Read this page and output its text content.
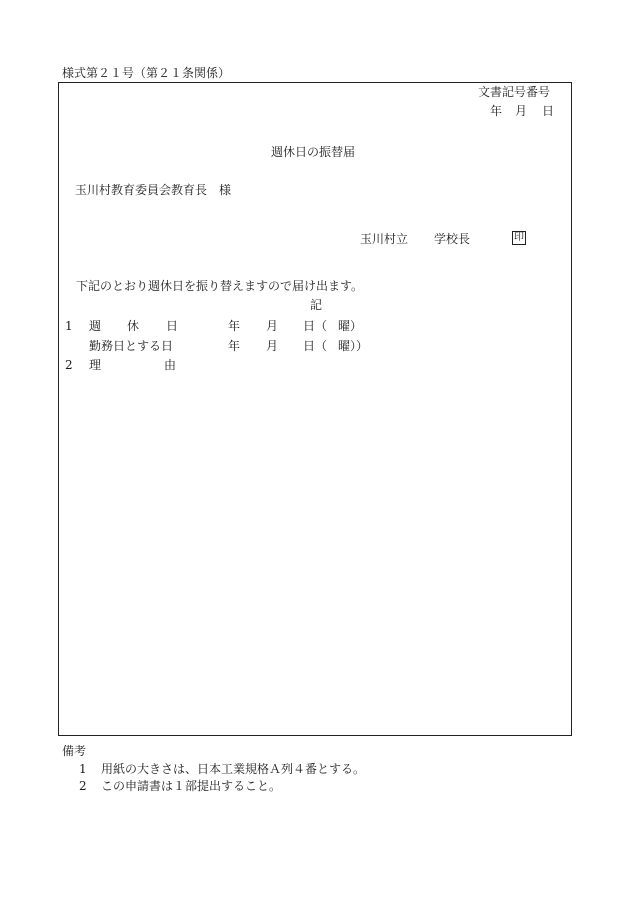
様式第２１号（第２１条関係）
文書記号番号
年 月 日
週休日の振替届
玉川村教育委員会教育長　様
玉川村立 学校長	印
下記のとおり週休日を振り替えますので届け出ます。
記
1 週 休 日	年 月 日（ 曜）
勤務日とする日	年 月 日（ 曜））
2 理	由
備考
1 用紙の大きさは、日本工業規格Ａ列４番とする。
2 この申請書は１部提出すること。
